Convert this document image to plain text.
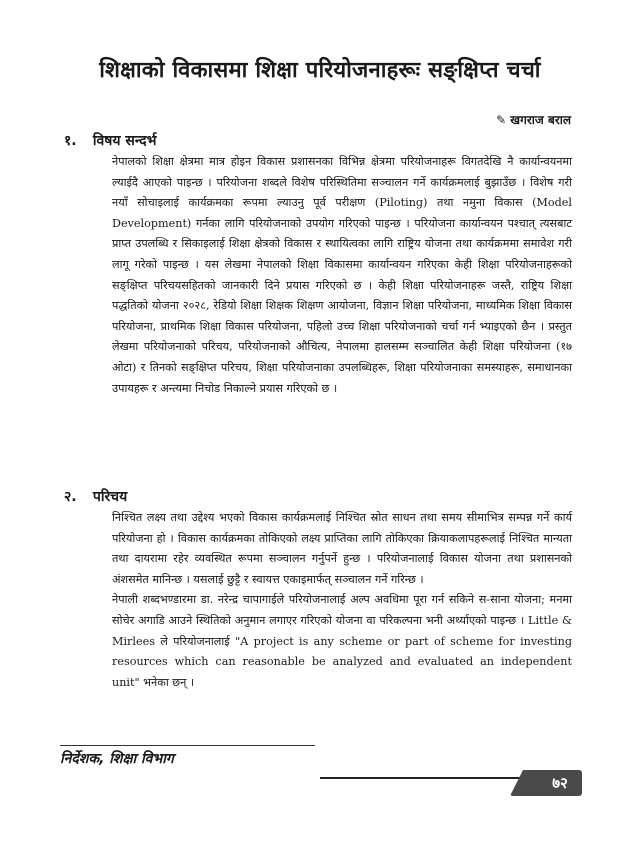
शिक्षाको विकासमा शिक्षा परियोजनाहरूः सङ्क्षिप्त चर्चा
✎ खगराज बराल
१. विषय सन्दर्भ

नेपालको शिक्षा क्षेत्रमा मात्र होइन विकास प्रशासनका विभिन्न क्षेत्रमा परियोजनाहरू विगतदेखि नै कार्यान्वयनमा ल्याईदै आएको पाइन्छ । परियोजना शब्दले विशेष परिस्थितिमा सञ्चालन गर्ने कार्यक्रमलाई बुझाउँछ । विशेष गरी नयाँ सोचाइलाई कार्यक्रमका रूपमा ल्याउनु पूर्व परीक्षण (Piloting) तथा नमुना विकास (Model Development) गर्नका लागि परियोजनाको उपयोग गरिएको पाइन्छ । परियोजना कार्यान्वयन पश्चात् त्यसबाट प्राप्त उपलब्धि र सिकाइलाई शिक्षा क्षेत्रको विकास र स्थायित्वका लागि राष्ट्रिय योजना तथा कार्यक्रममा समावेश गरी लागू गरेको पाइन्छ । यस लेखमा नेपालको शिक्षा विकासमा कार्यान्वयन गरिएका केही शिक्षा परियोजनाहरूको सङ्क्षिप्त परिचयसहितको जानकारी दिने प्रयास गरिएको छ । केही शिक्षा परियोजनाहरू जस्तै, राष्ट्रिय शिक्षा पद्धतिको योजना २०२८, रेडियो शिक्षा शिक्षक शिक्षण आयोजना, विज्ञान शिक्षा परियोजना, माध्यमिक शिक्षा विकास परियोजना, प्राथमिक शिक्षा विकास परियोजना, पहिलो उच्च शिक्षा परियोजनाको चर्चा गर्न भ्याइएको छैन । प्रस्तुत लेखमा परियोजनाको परिचय, परियोजनाको औचित्य, नेपालमा हालसम्म सञ्चालित केही शिक्षा परियोजना (१७ ओटा) र तिनको सङ्क्षिप्त परिचय, शिक्षा परियोजनाका उपलब्धिहरू, शिक्षा परियोजनाका समस्याहरू, समाधानका उपायहरू र अन्त्यमा निचोड निकाल्ने प्रयास गरिएको छ ।

२. परिचय

निश्चित लक्ष्य तथा उद्देश्य भएको विकास कार्यक्रमलाई निश्चित स्रोत साधन तथा समय सीमाभित्र सम्पन्न गर्ने कार्य परियोजना हो । विकास कार्यक्रमका तोकिएको लक्ष्य प्राप्तिका लागि तोकिएका क्रियाकलापहरूलाई निश्चित मान्यता तथा दायरामा रहेर व्यवस्थित रूपमा सञ्चालन गर्नुपर्ने हुन्छ । परियोजनालाई विकास योजना तथा प्रशासनको अंशसमेत मानिन्छ । यसलाई छुट्टै र स्वायत्त एकाइमार्फत् सञ्चालन गर्ने गरिन्छ ।

नेपाली शब्दभण्डारमा डा. नरेन्द्र चापागाईले परियोजनालाई अल्प अवधिमा पूरा गर्न सकिने स-साना योजना; मनमा सोचेर अगाडि आउने स्थितिको अनुमान लगाएर गरिएको योजना वा परिकल्पना भनी अर्थ्याएको पाइन्छ । Little & Mirlees ले परियोजनालाई "A project is any scheme or part of scheme for investing resources which can reasonable be analyzed and evaluated an independent unit" भनेका छन् ।

निर्देशक, शिक्षा विभाग
७२
